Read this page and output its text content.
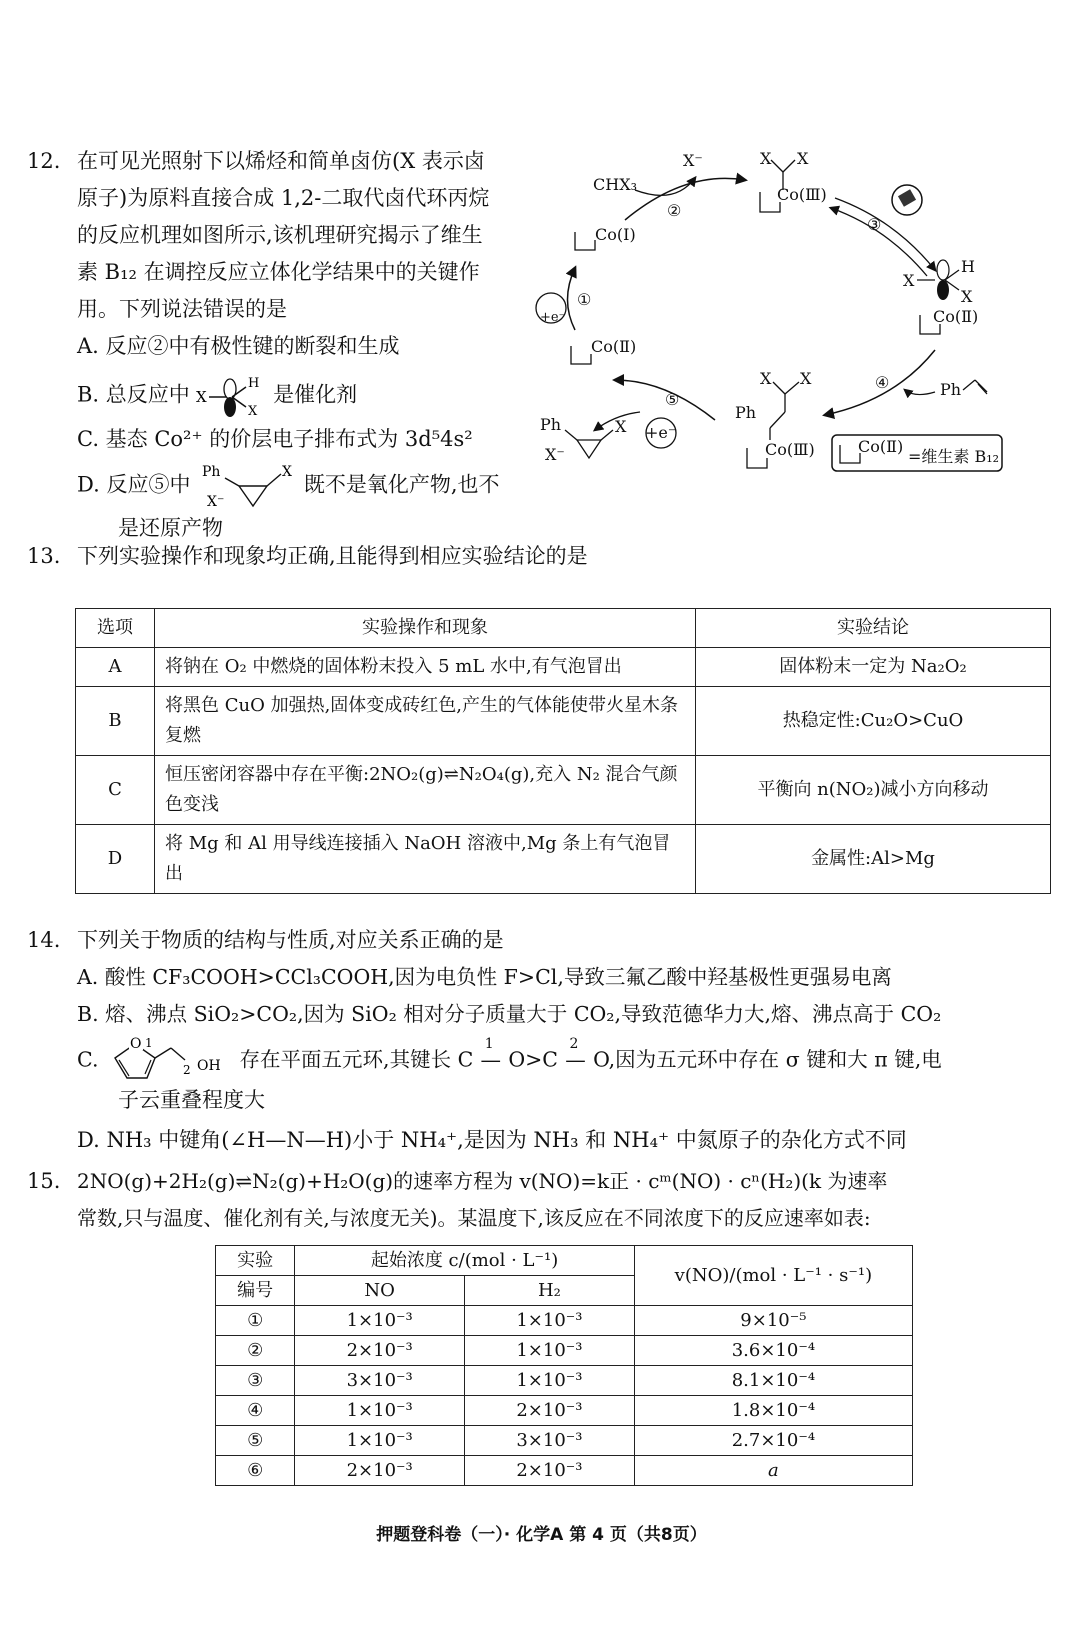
12. 在可见光照射下以烯烃和简单卤仿(X 表示卤
原子)为原料直接合成 1,2-二取代卤代环丙烷
的反应机理如图所示,该机理研究揭示了维生
素 B₁₂ 在调控反应立体化学结果中的关键作
用。下列说法错误的是
A. 反应②中有极性键的断裂和生成
B. 总反应中 X
H
X
是催化剂
C. 基态 Co²⁺ 的价层电子排布式为 3d⁵4s²
D. 反应⑤中
Ph
X⁻
X
既不是氧化产物,也不
是还原产物
CHX₃
X⁻
②
Co(Ⅰ)
X X
Co(Ⅲ)
③
X
H
X
Co(Ⅱ)
④	Ph
X X
Ph
Co(Ⅲ)
⑤
+e⁻
Co(Ⅱ)
①
Ph
X⁻
X
Co(Ⅱ)
=维生素 B₁₂
+e⁻
13. 下列实验操作和现象均正确,且能得到相应实验结论的是
选项	实验操作和现象	实验结论
A	将钠在 O₂ 中燃烧的固体粉末投入 5 mL 水中,有气泡冒出	固体粉末一定为 Na₂O₂
B	将黑色 CuO 加强热,固体变成砖红色,产生的气体能使带火星木条复燃	热稳定性:Cu₂O>CuO
C	恒压密闭容器中存在平衡:2NO₂(g)⇌N₂O₄(g),充入 N₂ 混合气颜色变浅	平衡向 n(NO₂)减小方向移动
D	将 Mg 和 Al 用导线连接插入 NaOH 溶液中,Mg 条上有气泡冒出	金属性:Al>Mg
14. 下列关于物质的结构与性质,对应关系正确的是
A. 酸性 CF₃COOH>CCl₃COOH,因为电负性 F>Cl,导致三氟乙酸中羟基极性更强易电离
B. 熔、沸点 SiO₂>CO₂,因为 SiO₂ 相对分子质量大于 CO₂,导致范德华力大,熔、沸点高于 CO₂
C.
O 1
2 OH 存在平面五元环,其键长 C
1
— O>C
2
— O,因为五元环中存在 σ 键和大 π 键,电
子云重叠程度大
D. NH₃ 中键角(∠H—N—H)小于 NH₄⁺,是因为 NH₃ 和 NH₄⁺ 中氮原子的杂化方式不同
15. 2NO(g)+2H₂(g)⇌N₂(g)+H₂O(g)的速率方程为 v(NO)=k正 · cᵐ(NO) · cⁿ(H₂)(k 为速率
常数,只与温度、催化剂有关,与浓度无关)。某温度下,该反应在不同浓度下的反应速率如表:
实验	起始浓度 c/(mol · L⁻¹)		v(NO)/(mol · L⁻¹ · s⁻¹)
编号	NO	H₂	
①	1×10⁻³	1×10⁻³	9×10⁻⁵
②	2×10⁻³	1×10⁻³	3.6×10⁻⁴
③	3×10⁻³	1×10⁻³	8.1×10⁻⁴
④	1×10⁻³	2×10⁻³	1.8×10⁻⁴
⑤	1×10⁻³	3×10⁻³	2.7×10⁻⁴
⑥	2×10⁻³	2×10⁻³	a
押题登科卷（一）· 化学A 第 4 页（共8页）
